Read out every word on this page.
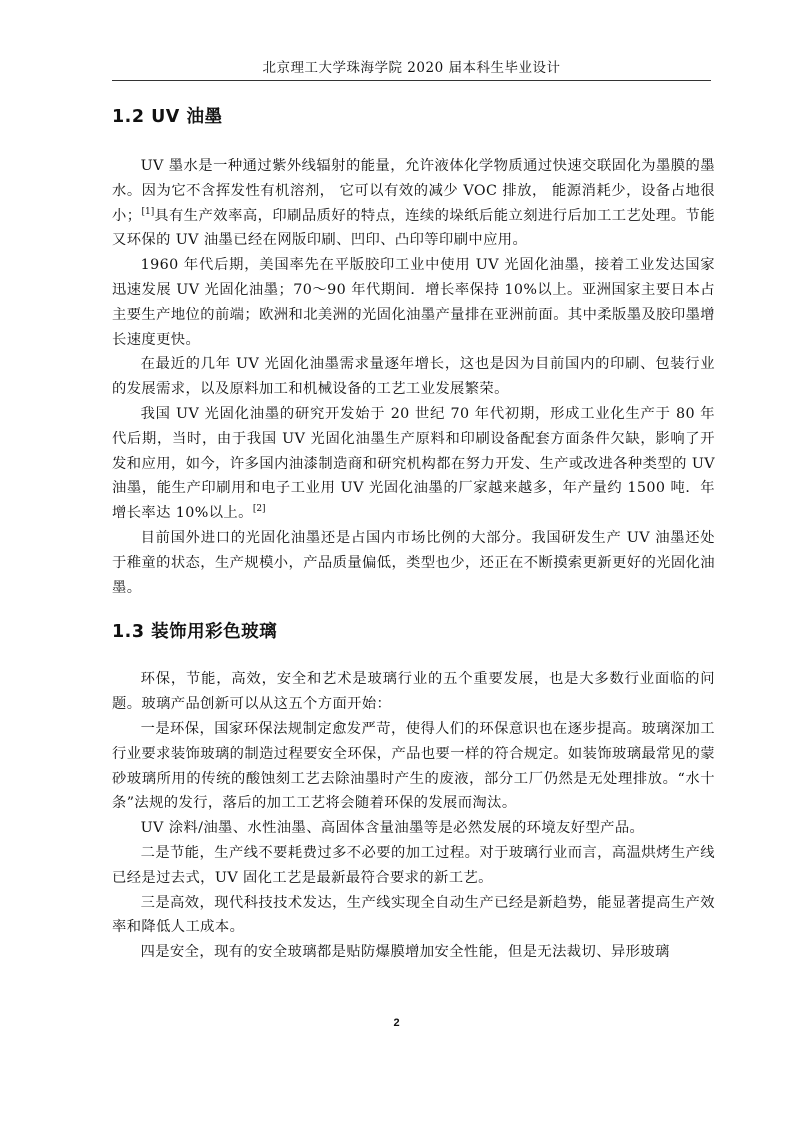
北京理工大学珠海学院 2020 届本科生毕业设计
1.2 UV 油墨

UV 墨水是一种通过紫外线辐射的能量，允许液体化学物质通过快速交联固化为墨膜的墨水。因为它不含挥发性有机溶剂， 它可以有效的减少 VOC 排放， 能源消耗少，设备占地很小；[1]具有生产效率高，印刷品质好的特点，连续的垛纸后能立刻进行后加工工艺处理。节能又环保的 UV 油墨已经在网版印刷、凹印、凸印等印刷中应用。

1960 年代后期，美国率先在平版胶印工业中使用 UV 光固化油墨，接着工业发达国家迅速发展 UV 光固化油墨；70～90 年代期间．增长率保持 10%以上。亚洲国家主要日本占主要生产地位的前端；欧洲和北美洲的光固化油墨产量排在亚洲前面。其中柔版墨及胶印墨增长速度更快。

在最近的几年 UV 光固化油墨需求量逐年增长，这也是因为目前国内的印刷、包装行业的发展需求，以及原料加工和机械设备的工艺工业发展繁荣。

我国 UV 光固化油墨的研究开发始于 20 世纪 70 年代初期，形成工业化生产于 80 年代后期，当时，由于我国 UV 光固化油墨生产原料和印刷设备配套方面条件欠缺，影响了开发和应用，如今，许多国内油漆制造商和研究机构都在努力开发、生产或改进各种类型的 UV 油墨，能生产印刷用和电子工业用 UV 光固化油墨的厂家越来越多，年产量约 1500 吨．年增长率达 10%以上。[2]

目前国外进口的光固化油墨还是占国内市场比例的大部分。我国研发生产 UV 油墨还处于稚童的状态，生产规模小，产品质量偏低，类型也少，还正在不断摸索更新更好的光固化油墨。

1.3 装饰用彩色玻璃

环保，节能，高效，安全和艺术是玻璃行业的五个重要发展，也是大多数行业面临的问题。玻璃产品创新可以从这五个方面开始：

一是环保，国家环保法规制定愈发严苛，使得人们的环保意识也在逐步提高。玻璃深加工行业要求装饰玻璃的制造过程要安全环保，产品也要一样的符合规定。如装饰玻璃最常见的蒙砂玻璃所用的传统的酸蚀刻工艺去除油墨时产生的废液，部分工厂仍然是无处理排放。“水十条”法规的发行，落后的加工工艺将会随着环保的发展而淘汰。

UV 涂料/油墨、水性油墨、高固体含量油墨等是必然发展的环境友好型产品。

二是节能，生产线不要耗费过多不必要的加工过程。对于玻璃行业而言，高温烘烤生产线已经是过去式，UV 固化工艺是最新最符合要求的新工艺。

三是高效，现代科技技术发达，生产线实现全自动生产已经是新趋势，能显著提高生产效率和降低人工成本。

四是安全，现有的安全玻璃都是贴防爆膜增加安全性能，但是无法裁切、异形玻璃

2
